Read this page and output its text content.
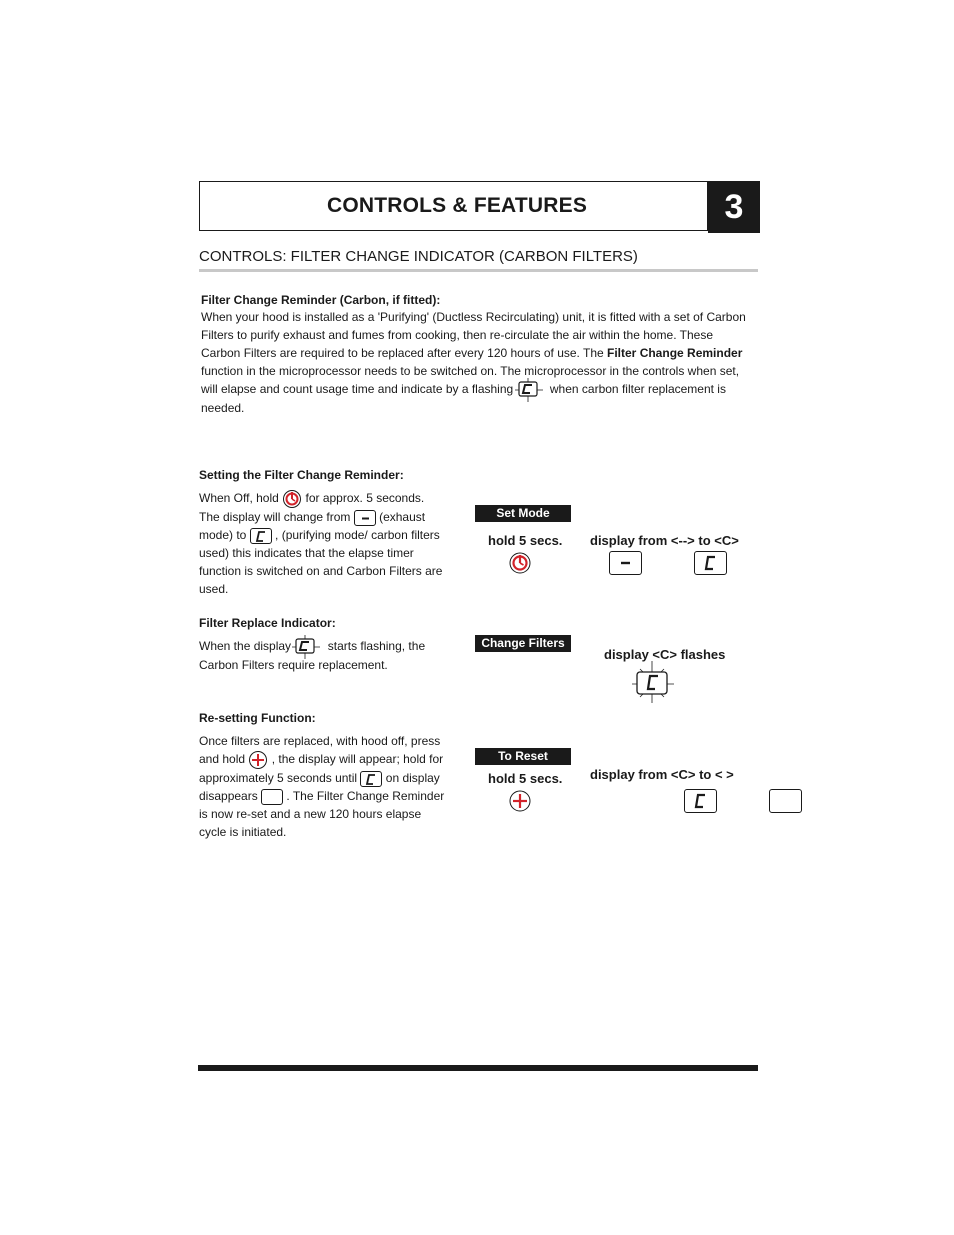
CONTROLS & FEATURES	3
CONTROLS: FILTER CHANGE INDICATOR (CARBON FILTERS)
Filter Change Reminder (Carbon, if fitted):
When your hood is installed as a 'Purifying' (Ductless Recirculating) unit, it is fitted with a set of Carbon Filters to purify exhaust and fumes from cooking, then re-circulate the air within the home. These Carbon Filters are required to be replaced after every 120 hours of use. The Filter Change Reminder function in the microprocessor needs to be switched on. The microprocessor in the controls when set, will elapse and count usage time and indicate by a flashing	when carbon filter replacement is needed.
Setting the Filter Change Reminder:
When Off, hold
for approx. 5 seconds. The display will change from
(exhaust mode) to
, (purifying mode/ carbon filters used) this indicates that the elapse timer function is switched on and Carbon Filters are used.
Set Mode
hold 5 secs. display from <--> to <C>

Filter Replace Indicator:
When the display	starts flashing, the Carbon Filters require replacement.
Change Filters
display <C> flashes
Re-setting Function:
Once filters are replaced, with hood off, press and hold
, the display will appear; hold for approximately 5 seconds until
on display disappears  . The Filter Change Reminder is now re-set and a new 120 hours elapse cycle is initiated.
To Reset
hold 5 secs. display from <C> to < >
